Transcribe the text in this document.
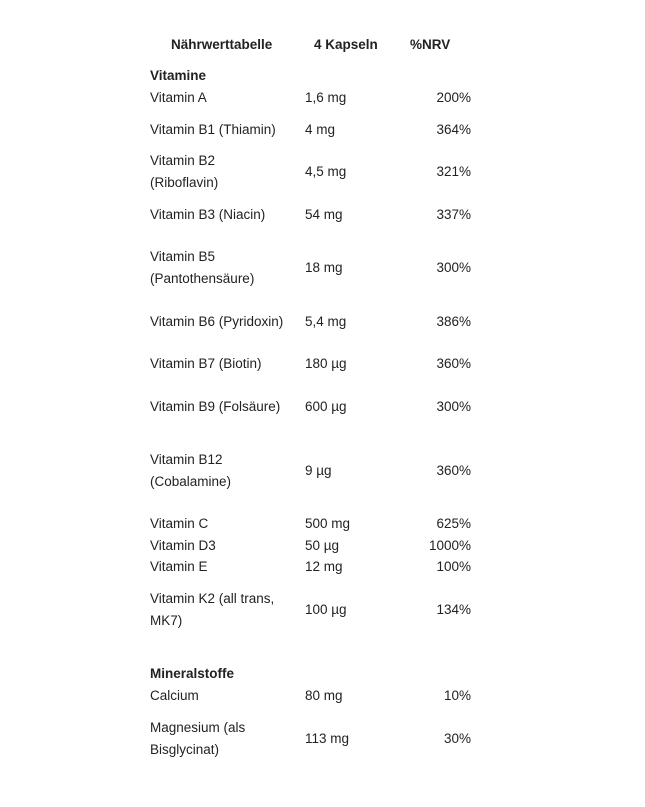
Nährwerttabelle	4 Kapseln %NRV
Vitamine
Vitamin A	1,6 mg	200%
Vitamin B1 (Thiamin) 4 mg	364%
Vitamin B2
(Riboflavin)
4,5 mg	321%
Vitamin B3 (Niacin)	54 mg	337%
Vitamin B5
(Pantothensäure)
18 mg	300%
Vitamin B6 (Pyridoxin) 5,4 mg	386%
Vitamin B7 (Biotin)	180 µg	360%
Vitamin B9 (Folsäure) 600 µg	300%
Vitamin B12
(Cobalamine)
9 µg	360%
Vitamin C	500 mg	625%
Vitamin D3	50 µg	1000%
Vitamin E	12 mg	100%
Vitamin K2 (all trans,
MK7)
100 µg	134%
Mineralstoffe
Calcium	80 mg	10%
Magnesium (als
Bisglycinat)
113 mg	30%
